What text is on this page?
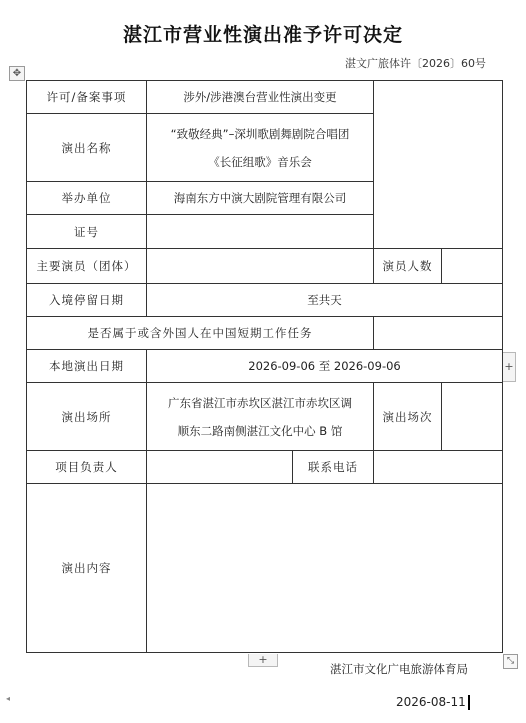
湛江市营业性演出准予许可决定
湛文广旅体许〔2026〕60号
✥
许可/备案事项	涉外/涉港澳台营业性演出变更			
演出名称	“致敬经典”–深圳歌剧舞剧院合唱团
《长征组歌》音乐会			

举办单位	海南东方中演大剧院管理有限公司			
证号				
主要演员（团体）			演员人数	
入境停留日期	至共天			
是否属于或含外国人在中国短期工作任务				
本地演出日期	2026-09-06 至 2026-09-06			
演出场所	广东省湛江市赤坎区湛江市赤坎区调
顺东二路南侧湛江文化中心 B 馆		演出场次	
项目负责人		联系电话		
演出内容				
+
+	⤡
湛江市文化广电旅游体育局
2026-08-11
◂
